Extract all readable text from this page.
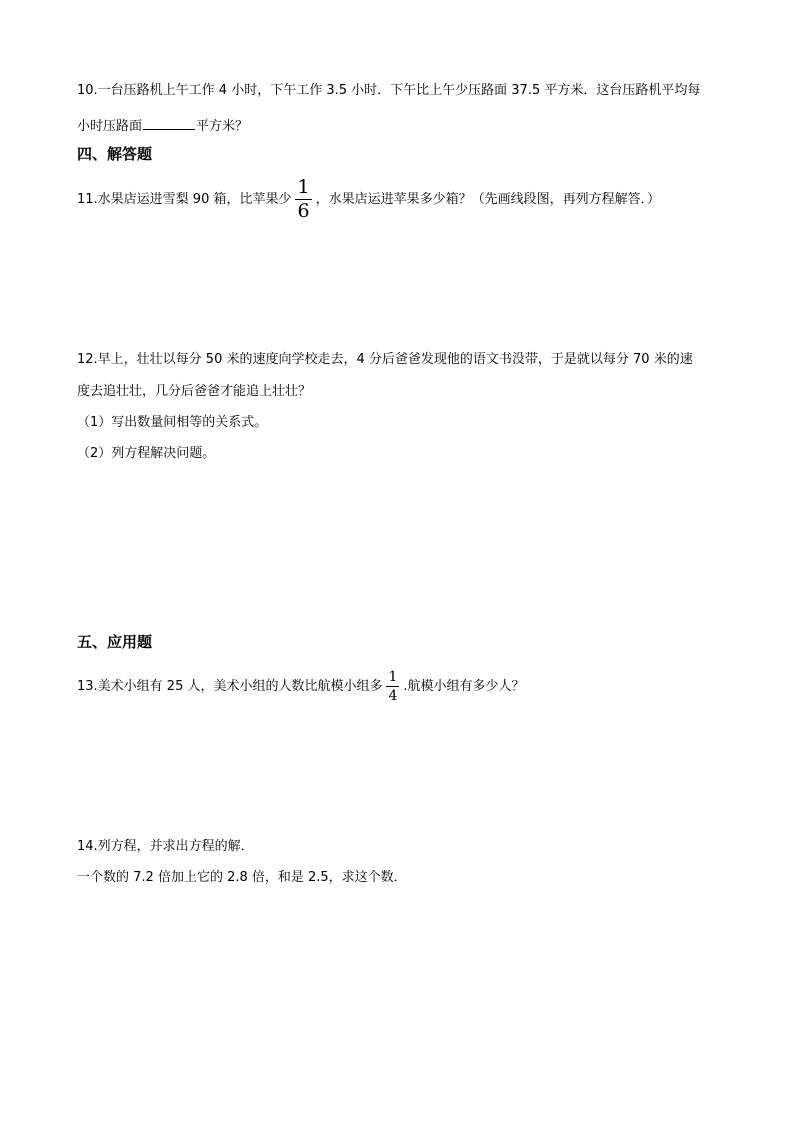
10.一台压路机上午工作 4 小时，下午工作 3.5 小时．下午比上午少压路面 37.5 平方米．这台压路机平均每
小时压路面	平方米？
四、解答题
11.水果店运进雪梨 90 箱，比苹果少 $\frac{1}{6}$ ，水果店运进苹果多少箱？（先画线段图，再列方程解答．）
12.早上，壮壮以每分 50 米的速度向学校走去，4 分后爸爸发现他的语文书没带，于是就以每分 70 米的速
度去追壮壮，几分后爸爸才能追上壮壮？
（1）写出数量间相等的关系式。
（2）列方程解决问题。
五、应用题
13.美术小组有 25 人，美术小组的人数比航模小组多 $\frac{1}{4}$ .航模小组有多少人？
14.列方程，并求出方程的解．
一个数的 7.2 倍加上它的 2.8 倍，和是 2.5，求这个数．
